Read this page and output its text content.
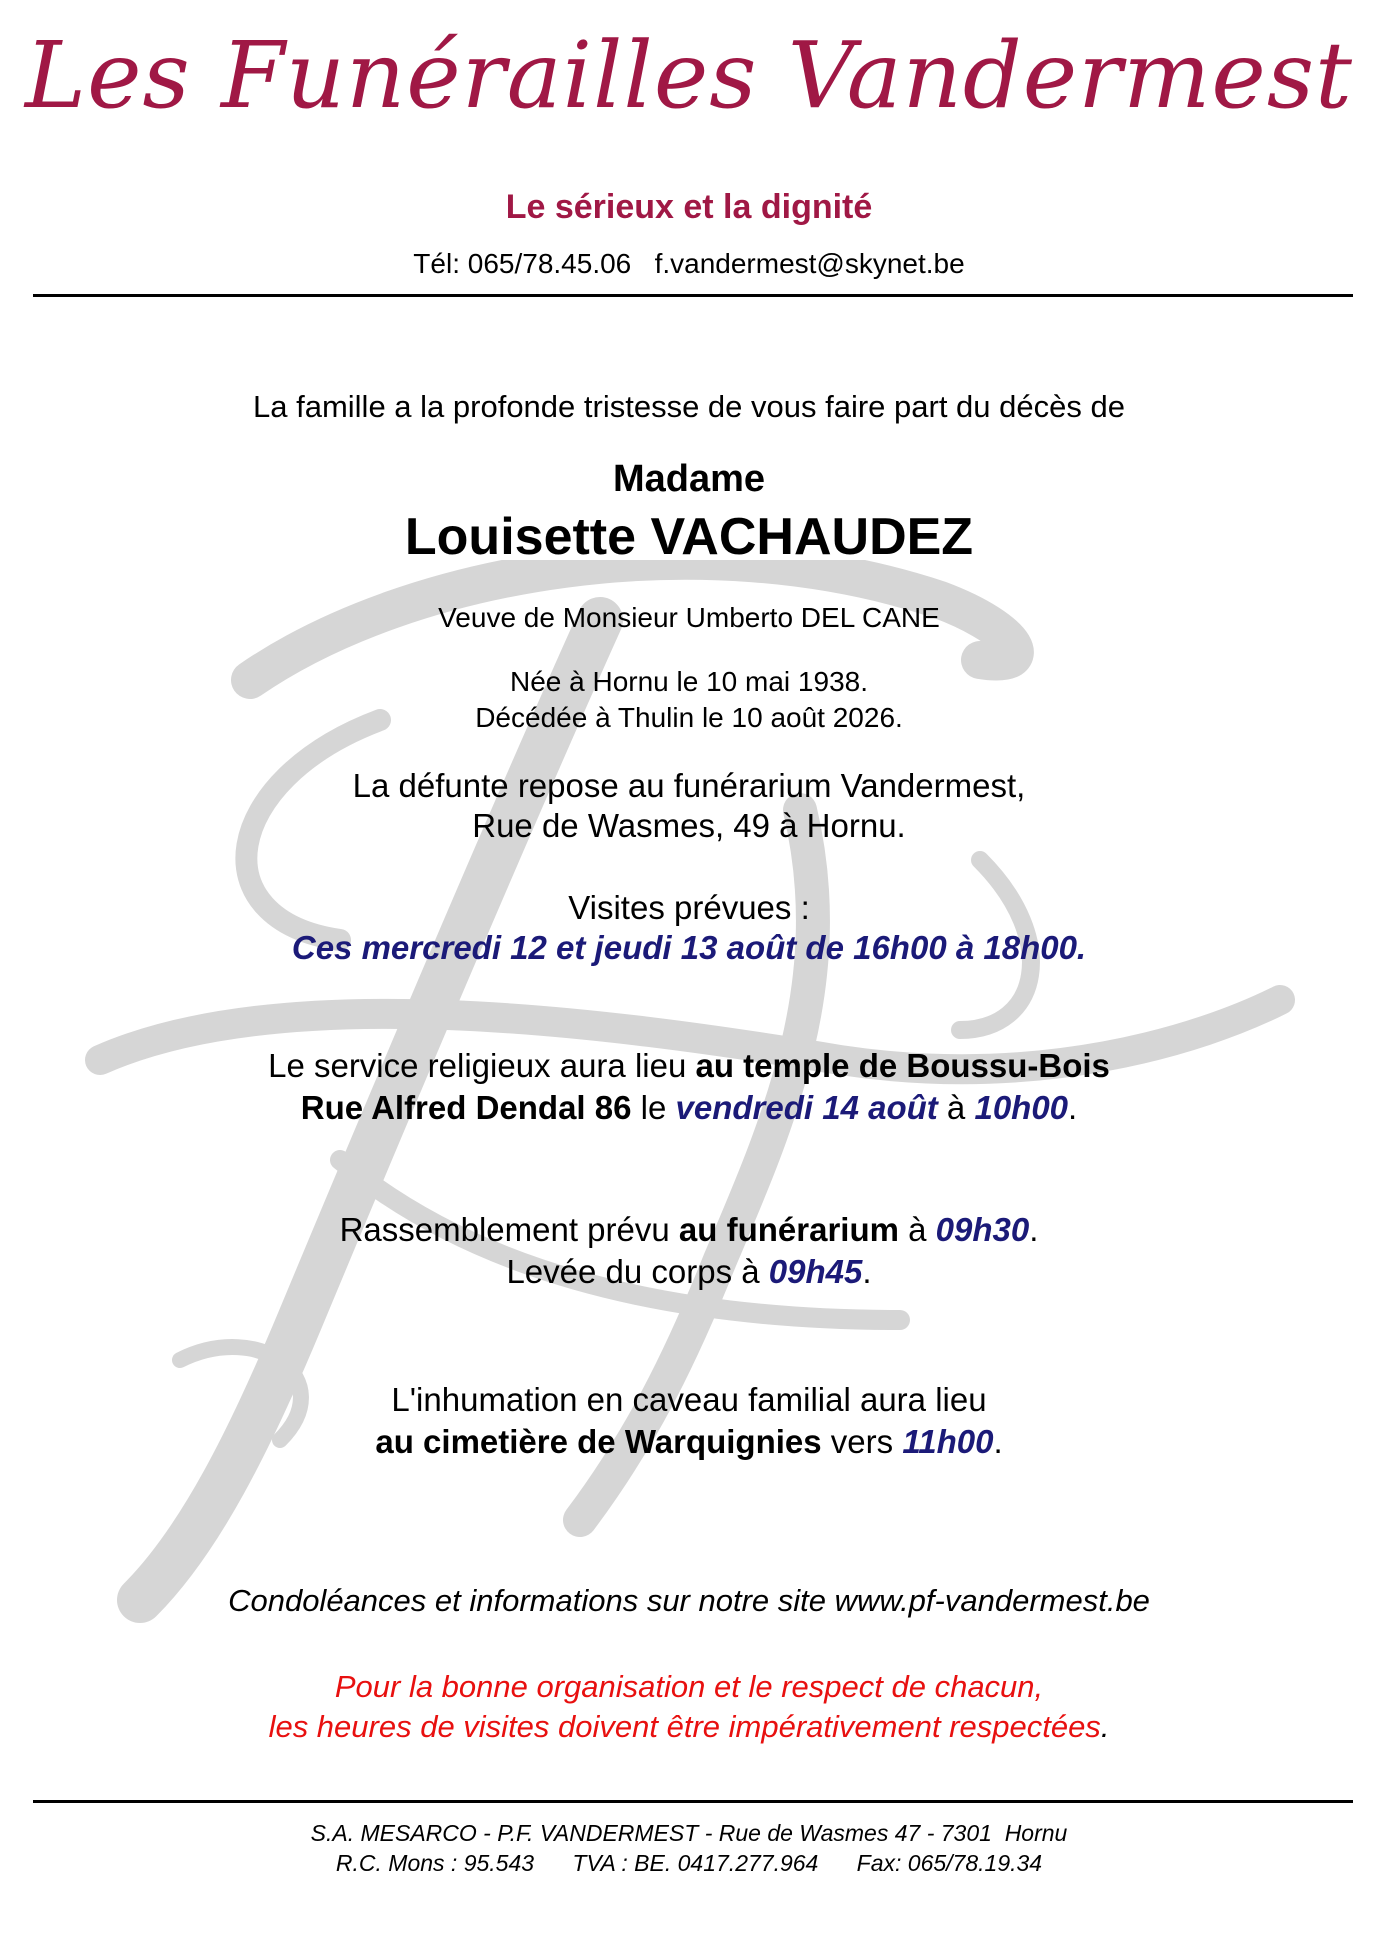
Les Funérailles Vandermest
Le sérieux et la dignité
Tél: 065/78.45.06   f.vandermest@skynet.be
La famille a la profonde tristesse de vous faire part du décès de
Madame
Louisette VACHAUDEZ
Veuve de Monsieur Umberto DEL CANE
Née à Hornu le 10 mai 1938.
Décédée à Thulin le 10 août 2026.
La défunte repose au funérarium Vandermest,
Rue de Wasmes, 49 à Hornu.
Visites prévues :
Ces mercredi 12 et jeudi 13 août de 16h00 à 18h00.
Le service religieux aura lieu au temple de Boussu-Bois
Rue Alfred Dendal 86 le vendredi 14 août à 10h00.
Rassemblement prévu au funérarium à 09h30.
Levée du corps à 09h45.
L'inhumation en caveau familial aura lieu
au cimetière de Warquignies vers 11h00.
Condoléances et informations sur notre site www.pf-vandermest.be
Pour la bonne organisation et le respect de chacun,
les heures de visites doivent être impérativement respectées.
S.A. MESARCO - P.F. VANDERMEST - Rue de Wasmes 47 - 7301  Hornu
R.C. Mons : 95.543      TVA : BE. 0417.277.964      Fax: 065/78.19.34
